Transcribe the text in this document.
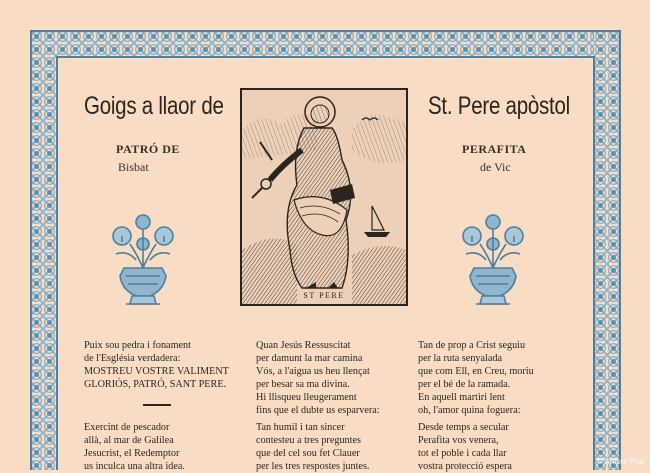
Goigs a llaor de	St. Pere apòstol
PATRÓ DE
Bisbat
PERAFITA
de Vic
ST PERE
Puix sou pedra i fonament
de l'Església verdadera:
MOSTREU VOSTRE VALIMENT
GLORIÓS, PATRÓ, SANT PERE.
Quan Jesús Ressuscitat
per damunt la mar camina
Vós, a l'aigua us heu llençat
per besar sa ma divina.
Hi llisqueu lleugerament
fins que el dubte us esparvera:
Tan de prop a Crist seguiu
per la ruta senyalada
que com Ell, en Creu, moriu
per el bé de la ramada.
En aquell martiri lent
oh, l'amor quina foguera:
Exercint de pescador
allà, al mar de Galilea
Jesucrist, el Redemptor
us inculca una altra idea.
Tan humil i tan sincer
contesteu a tres preguntes
que del cel sou fet Clauer
per les tres respostes juntes.
Desde temps a secular
Perafita vos venera,
tot el poble i cada llar
vostra protecció espera	© Antoni Prat
